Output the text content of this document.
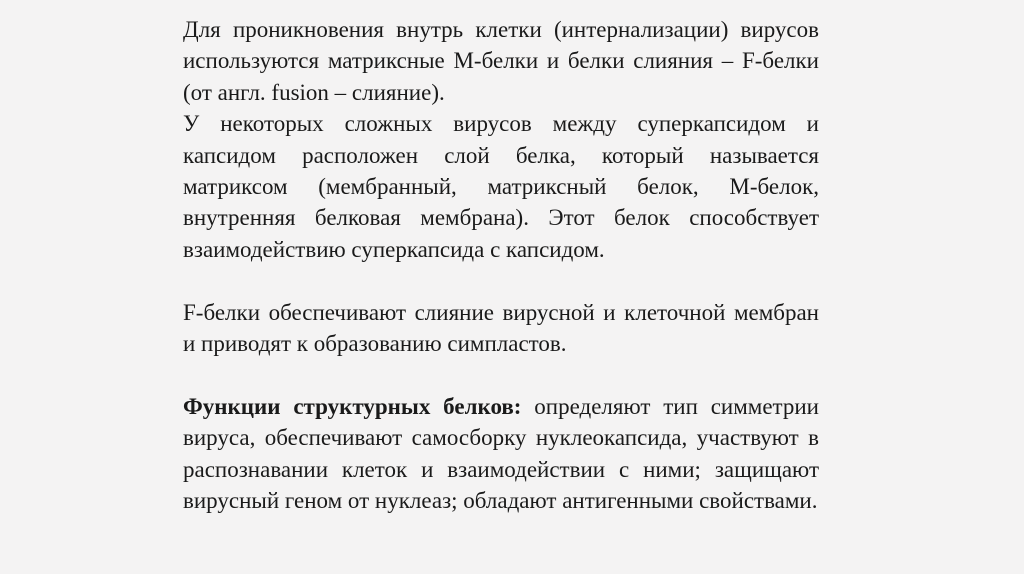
Для проникновения внутрь клетки (интернализации) вирусов используются матриксные М-белки и белки слияния – F-белки (от англ. fusion – слияние).

У некоторых сложных вирусов между суперкапсидом и капсидом расположен слой белка, который называется матриксом (мембранный, матриксный белок, М-белок, внутренняя белковая мембрана). Этот белок способствует взаимодействию суперкапсида с капсидом.

F-белки обеспечивают слияние вирусной и клеточной мембран и приводят к образованию симпластов.

Функции структурных белков: определяют тип симметрии вируса, обеспечивают самосборку нуклеокапсида, участвуют в распознавании клеток и взаимодействии с ними; защищают вирусный геном от нуклеаз; обладают антигенными свойствами.
